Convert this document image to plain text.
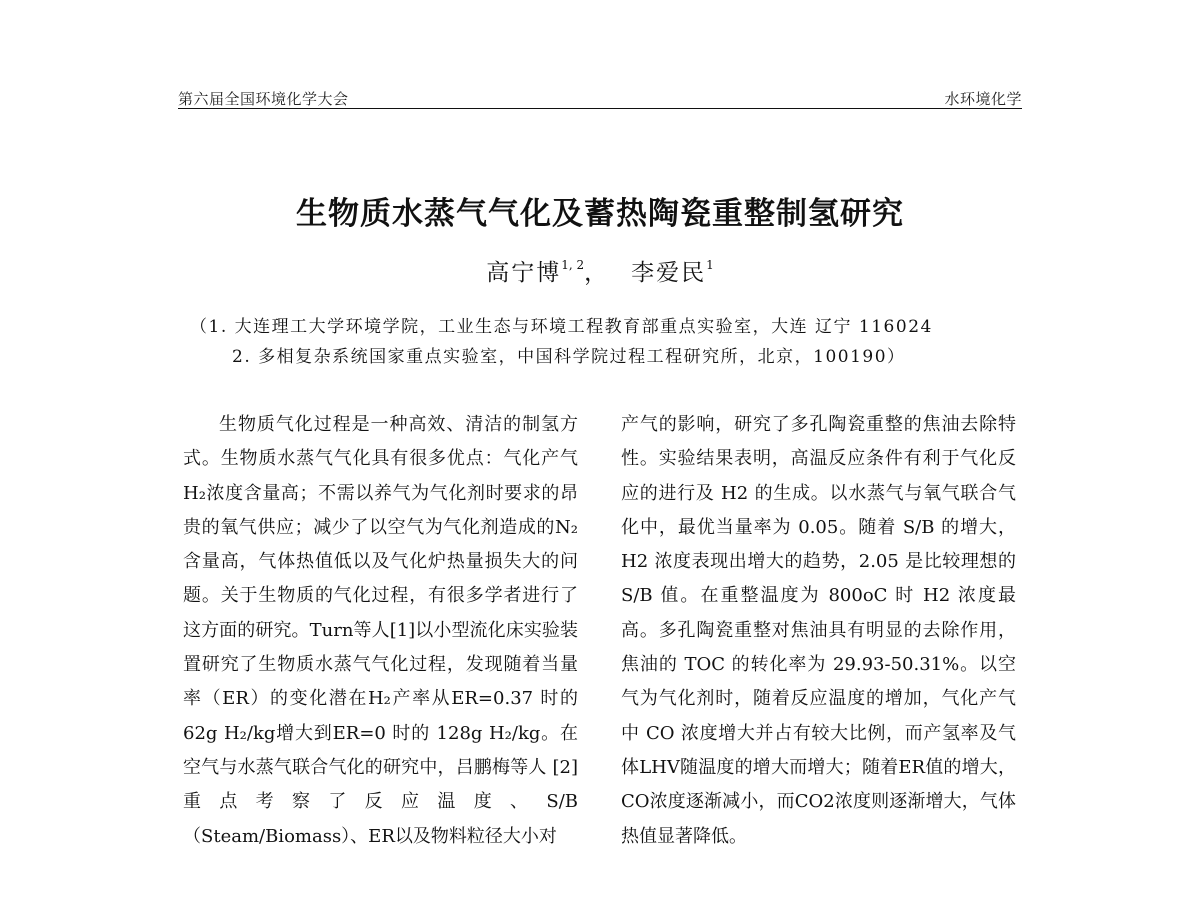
第六届全国环境化学大会	水环境化学
生物质水蒸气气化及蓄热陶瓷重整制氢研究
高宁博$^{1, 2}$， 李爱民$^1$
（1. 大连理工大学环境学院，工业生态与环境工程教育部重点实验室，大连 辽宁 116024
2. 多相复杂系统国家重点实验室，中国科学院过程工程研究所，北京，100190）

生物质气化过程是一种高效、清洁的制氢方式。生物质水蒸气气化具有很多优点：气化产气H₂浓度含量高；不需以养气为气化剂时要求的昂贵的氧气供应；减少了以空气为气化剂造成的N₂含量高，气体热值低以及气化炉热量损失大的问题。关于生物质的气化过程，有很多学者进行了这方面的研究。Turn等人[1]以小型流化床实验装置研究了生物质水蒸气气化过程，发现随着当量率（ER）的变化潜在H₂产率从ER=0.37 时的62g H₂/kg增大到ER=0 时的 128g H₂/kg。在空气与水蒸气联合气化的研究中，吕鹏梅等人 [2] 重点考察了反应温度、S/B（Steam/Biomass）、ER以及物料粒径大小对

产气的影响，研究了多孔陶瓷重整的焦油去除特性。实验结果表明，高温反应条件有利于气化反应的进行及 H2 的生成。以水蒸气与氧气联合气化中，最优当量率为 0.05。随着 S/B 的增大，H2 浓度表现出增大的趋势，2.05 是比较理想的 S/B 值。在重整温度为 800oC 时 H2 浓度最高。多孔陶瓷重整对焦油具有明显的去除作用，焦油的 TOC 的转化率为 29.93-50.31%。以空气为气化剂时，随着反应温度的增加，气化产气中 CO 浓度增大并占有较大比例，而产氢率及气体LHV随温度的增大而增大；随着ER值的增大，CO浓度逐渐减小，而CO2浓度则逐渐增大，气体热值显著降低。
